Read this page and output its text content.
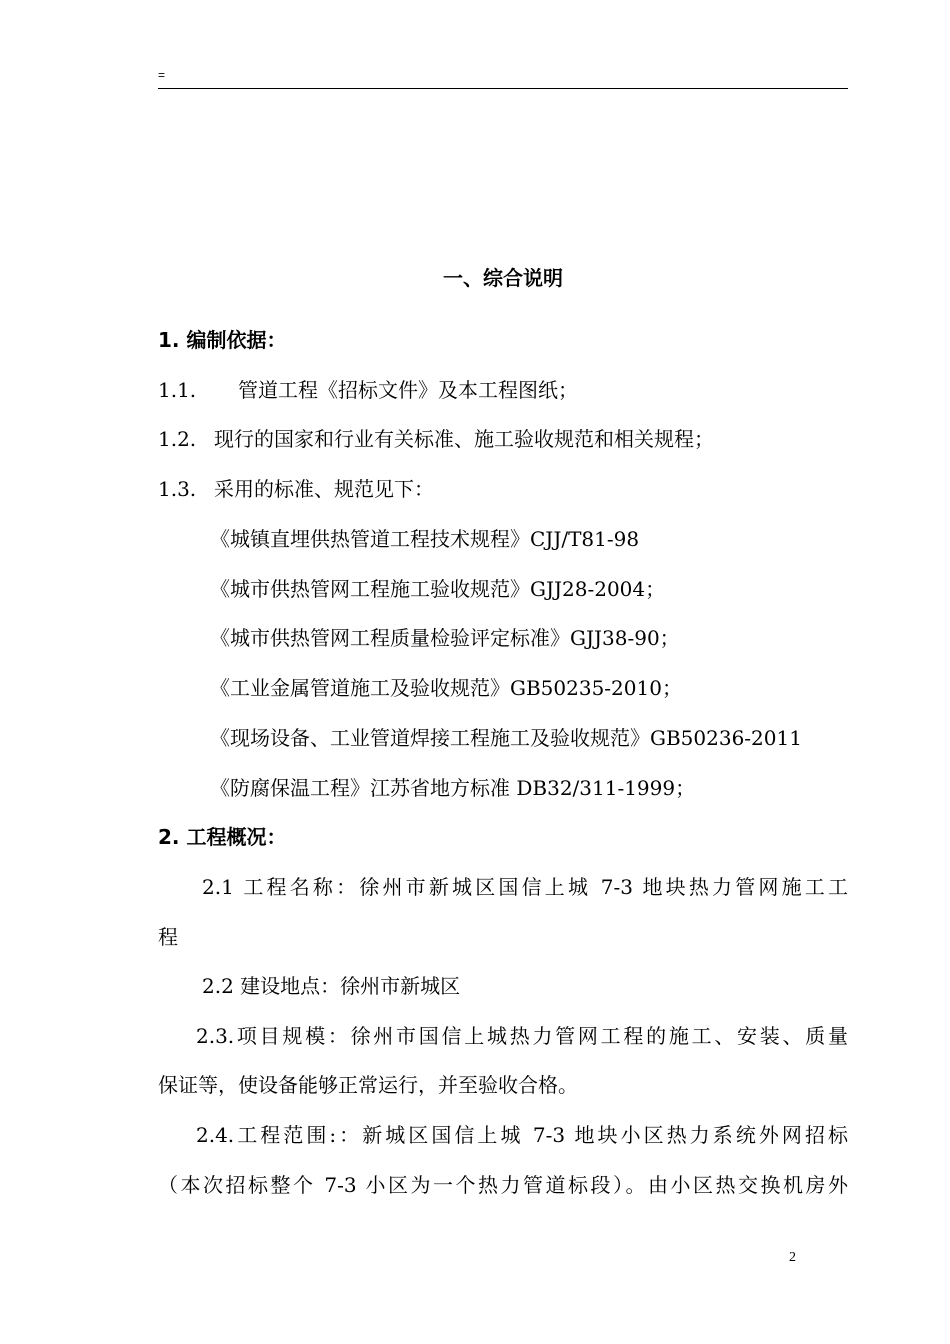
=
一、综合说明
1. 编制依据：
1.1. 管道工程《招标文件》及本工程图纸；
1.2. 现行的国家和行业有关标准、施工验收规范和相关规程；
1.3. 采用的标准、规范见下：
《城镇直埋供热管道工程技术规程》CJJ/T81-98
《城市供热管网工程施工验收规范》GJJ28-2004；
《城市供热管网工程质量检验评定标准》GJJ38-90；
《工业金属管道施工及验收规范》GB50235-2010；
《现场设备、工业管道焊接工程施工及验收规范》GB50236-2011
《防腐保温工程》江苏省地方标准 DB32/311-1999；
2. 工程概况：
2.1 工程名称：徐州市新城区国信上城 7-3 地块热力管网施工工
程
2.2 建设地点：徐州市新城区
2.3.项目规模：徐州市国信上城热力管网工程的施工、安装、质量
保证等，使设备能够正常运行，并至验收合格。
2.4.工程范围:：新城区国信上城 7-3 地块小区热力系统外网招标
（本次招标整个 7-3 小区为一个热力管道标段）。由小区热交换机房外
2
